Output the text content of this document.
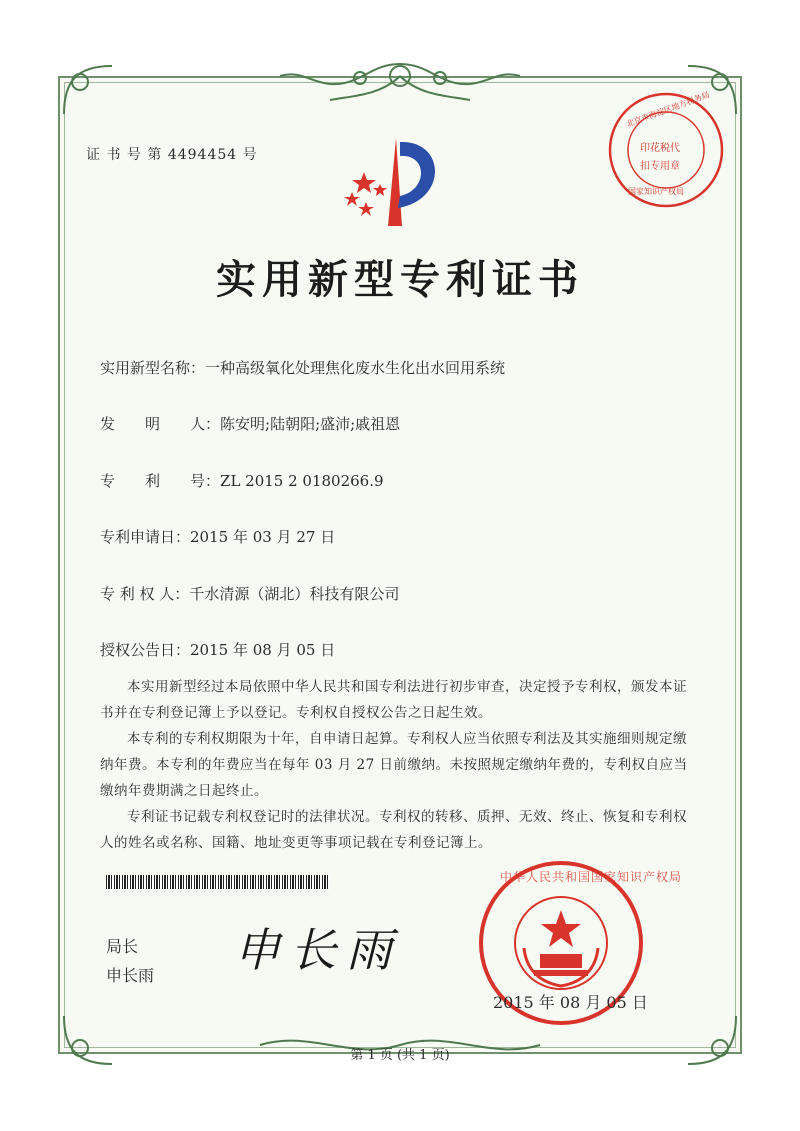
证 书 号 第 4494454 号
北京市海淀区地方税务局
印花税代扣专用章
国家知识产权局
实用新型专利证书
实用新型名称：一种高级氧化处理焦化废水生化出水回用系统
发　　明　　人：陈安明;陆朝阳;盛沛;戚祖恩
专　　利　　号：ZL 2015 2 0180266.9
专利申请日：2015 年 03 月 27 日
专 利 权 人：千水清源（湖北）科技有限公司
授权公告日：2015 年 08 月 05 日

本实用新型经过本局依照中华人民共和国专利法进行初步审查，决定授予专利权，颁发本证书并在专利登记簿上予以登记。专利权自授权公告之日起生效。

本专利的专利权期限为十年，自申请日起算。专利权人应当依照专利法及其实施细则规定缴纳年费。本专利的年费应当在每年 03 月 27 日前缴纳。未按照规定缴纳年费的，专利权自应当缴纳年费期满之日起终止。

专利证书记载专利权登记时的法律状况。专利权的转移、质押、无效、终止、恢复和专利权人的姓名或名称、国籍、地址变更等事项记载在专利登记簿上。

中华人民共和国国家知识产权局
局长
申长雨 申长雨
2015 年 08 月 05 日
第 1 页 (共 1 页)
